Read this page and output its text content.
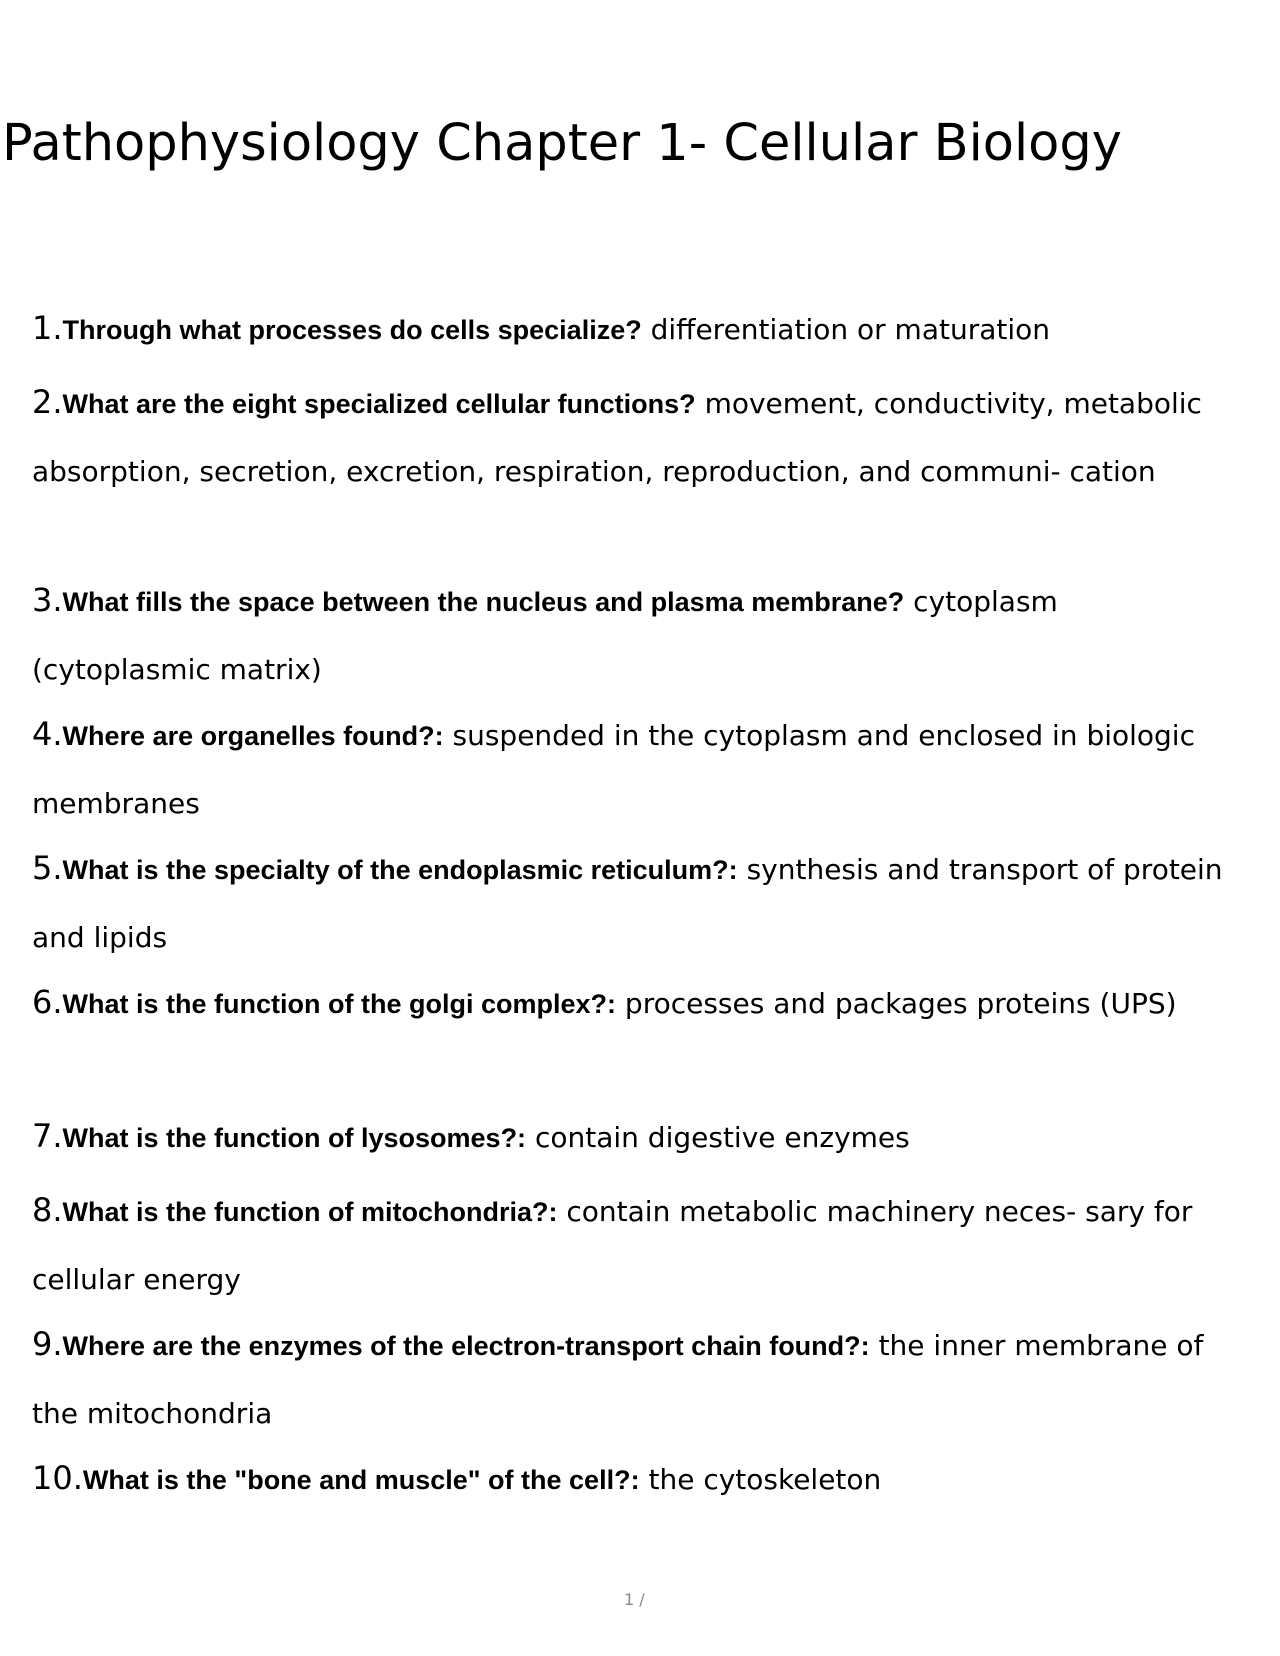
Pathophysiology Chapter 1- Cellular Biology

1.Through what processes do cells specialize? differentiation or maturation

2.What are the eight specialized cellular functions? movement, conductivity, metabolic absorption, secretion, excretion, respiration, reproduction, and communi- cation

3.What fills the space between the nucleus and plasma membrane? cytoplasm (cytoplasmic matrix)

4.Where are organelles found?: suspended in the cytoplasm and enclosed in biologic membranes

5.What is the specialty of the endoplasmic reticulum?: synthesis and transport of protein and lipids

6.What is the function of the golgi complex?: processes and packages proteins (UPS)

7.What is the function of lysosomes?: contain digestive enzymes

8.What is the function of mitochondria?: contain metabolic machinery neces- sary for cellular energy

9.Where are the enzymes of the electron-transport chain found?: the inner membrane of the mitochondria

10.What is the "bone and muscle" of the cell?: the cytoskeleton

1 /
